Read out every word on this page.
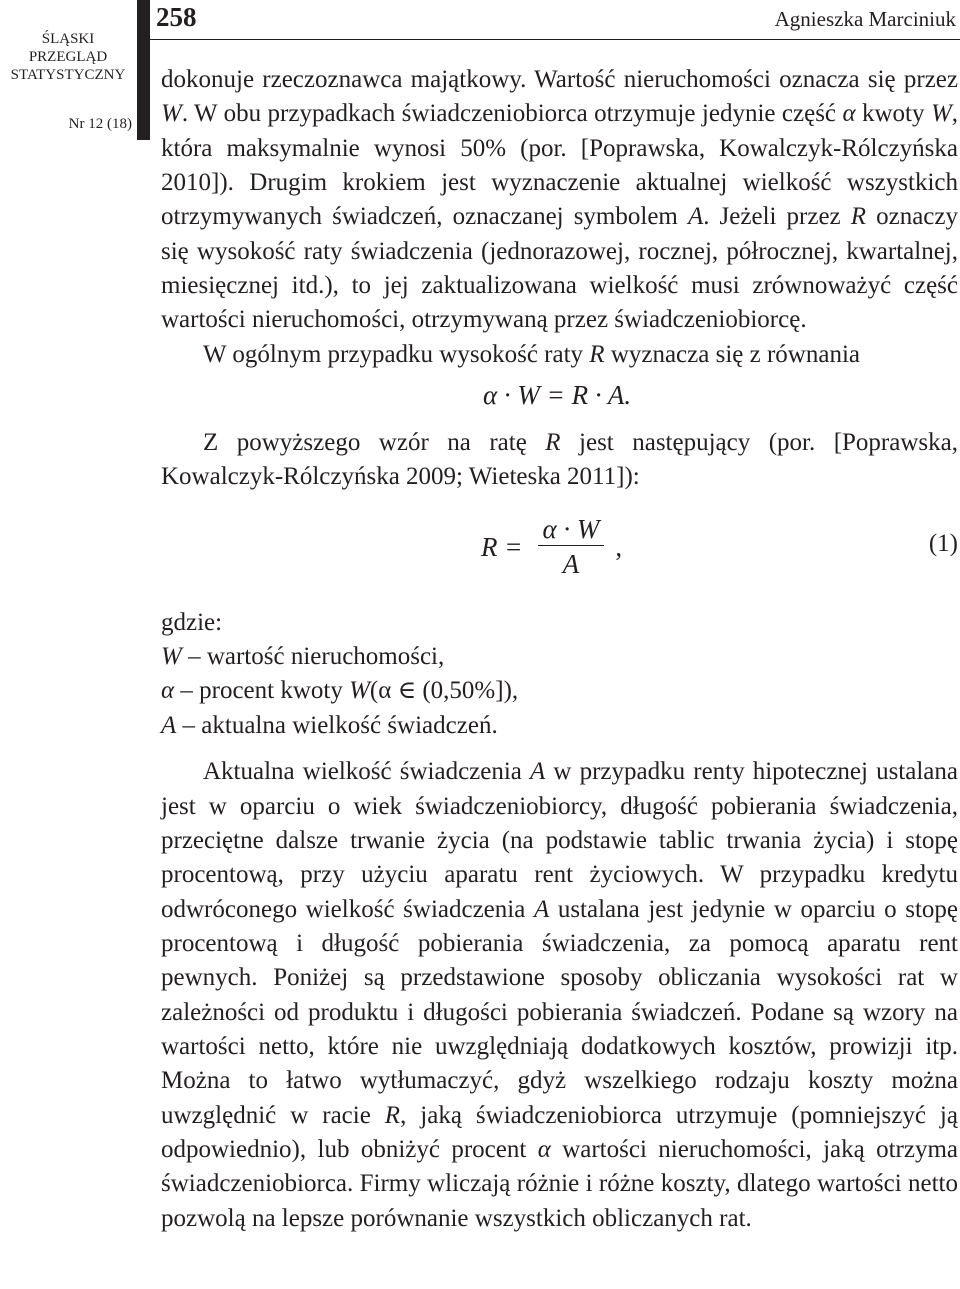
ŚLĄSKI
PRZEGLĄD
STATYSTYCZNY
Nr 12 (18)
258	Agnieszka Marciniuk

dokonuje rzeczoznawca majątkowy. Wartość nieruchomości oznacza się przez W. W obu przypadkach świadczeniobiorca otrzymuje jedynie część α kwoty W, która maksymalnie wynosi 50% (por. [Poprawska, Kowalczyk-Rólczyńska 2010]). Drugim krokiem jest wyznaczenie aktualnej wielkość wszystkich otrzymywanych świadczeń, oznaczanej symbolem A. Jeżeli przez R oznaczy się wysokość raty świadczenia (jednorazowej, rocznej, półrocznej, kwartalnej, miesięcznej itd.), to jej zaktualizowana wielkość musi zrównoważyć część wartości nieruchomości, otrzymywaną przez świadczeniobiorcę.

W ogólnym przypadku wysokość raty R wyznacza się z równania

α · W = R · A.

Z powyższego wzór na ratę R jest następujący (por. [Poprawska, Kowalczyk-Rólczyńska 2009; Wieteska 2011]):

$R = \frac{\alpha \cdot W}{A}$ ,	(1)
gdzie:
W – wartość nieruchomości,
α – procent kwoty W(α ∈ (0,50%]),
A – aktualna wielkość świadczeń.

Aktualna wielkość świadczenia A w przypadku renty hipotecznej ustalana jest w oparciu o wiek świadczeniobiorcy, długość pobierania świadczenia, przeciętne dalsze trwanie życia (na podstawie tablic trwania życia) i stopę procentową, przy użyciu aparatu rent życiowych. W przypadku kredytu odwróconego wielkość świadczenia A ustalana jest jedynie w oparciu o stopę procentową i długość pobierania świadczenia, za pomocą aparatu rent pewnych. Poniżej są przedstawione sposoby obliczania wysokości rat w zależności od produktu i długości pobierania świadczeń. Podane są wzory na wartości netto, które nie uwzględniają dodatkowych kosztów, prowizji itp. Można to łatwo wytłumaczyć, gdyż wszelkiego rodzaju koszty można uwzględnić w racie R, jaką świadczeniobiorca utrzymuje (pomniejszyć ją odpowiednio), lub obniżyć procent α wartości nieruchomości, jaką otrzyma świadczeniobiorca. Firmy wliczają różnie i różne koszty, dlatego wartości netto pozwolą na lepsze porównanie wszystkich obliczanych rat.
